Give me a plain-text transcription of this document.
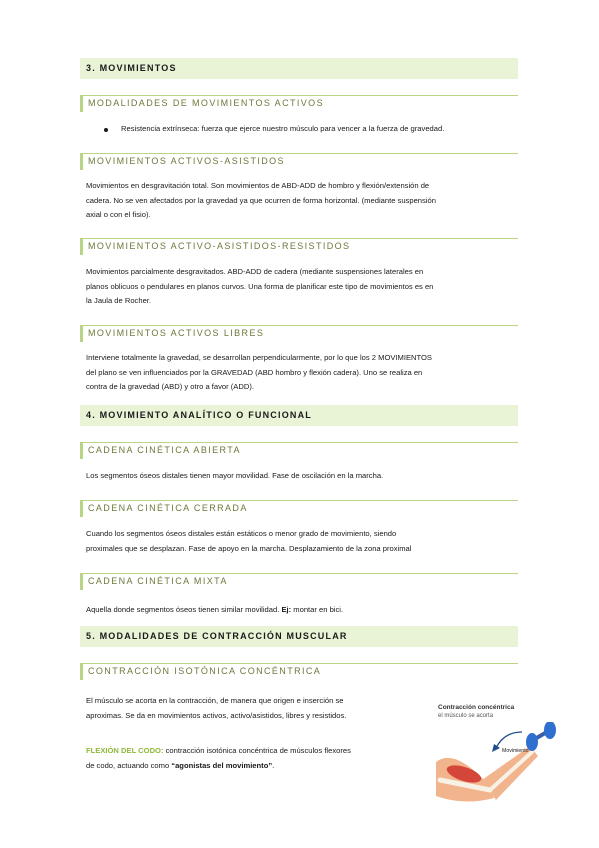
3. MOVIMIENTOS
MODALIDADES DE MOVIMIENTOS ACTIVOS
Resistencia extrínseca: fuerza que ejerce nuestro músculo para vencer a la fuerza de gravedad.
MOVIMIENTOS ACTIVOS-ASISTIDOS
Movimientos en desgravitación total. Son movimientos de ABD-ADD de hombro y flexión/extensión de
cadera. No se ven afectados por la gravedad ya que ocurren de forma horizontal. (mediante suspensión
axial o con el fisio).
MOVIMIENTOS ACTIVO-ASISTIDOS-RESISTIDOS
Movimientos parcialmente desgravitados. ABD-ADD de cadera (mediante suspensiones laterales en
planos oblicuos o pendulares en planos curvos. Una forma de planificar este tipo de movimientos es en
la Jaula de Rocher.
MOVIMIENTOS ACTIVOS LIBRES
Interviene totalmente la gravedad, se desarrollan perpendicularmente, por lo que los 2 MOVIMIENTOS
del plano se ven influenciados por la GRAVEDAD (ABD hombro y flexión cadera). Uno se realiza en
contra de la gravedad (ABD) y otro a favor (ADD).
4. MOVIMIENTO ANALÍTICO O FUNCIONAL
CADENA CINÉTICA ABIERTA
Los segmentos óseos distales tienen mayor movilidad. Fase de oscilación en la marcha.
CADENA CINÉTICA CERRADA
Cuando los segmentos óseos distales están estáticos o menor grado de movimiento, siendo
proximales que se desplazan. Fase de apoyo en la marcha. Desplazamiento de la zona proximal
CADENA CINÉTICA MIXTA
Aquella donde segmentos óseos tienen similar movilidad. Ej: montar en bici.
5. MODALIDADES DE CONTRACCIÓN MUSCULAR
CONTRACCIÓN ISOTÓNICA CONCÉNTRICA
El músculo se acorta en la contracción, de manera que origen e inserción se
aproximas. Se da en movimientos activos, activo/asistidos, libres y resistidos.
FLEXIÓN DEL CODO: contracción isotónica concéntrica de músculos flexores
de codo, actuando como “agonistas del movimiento”.
Contracción concéntrica
el músculo se acorta
Movimiento
